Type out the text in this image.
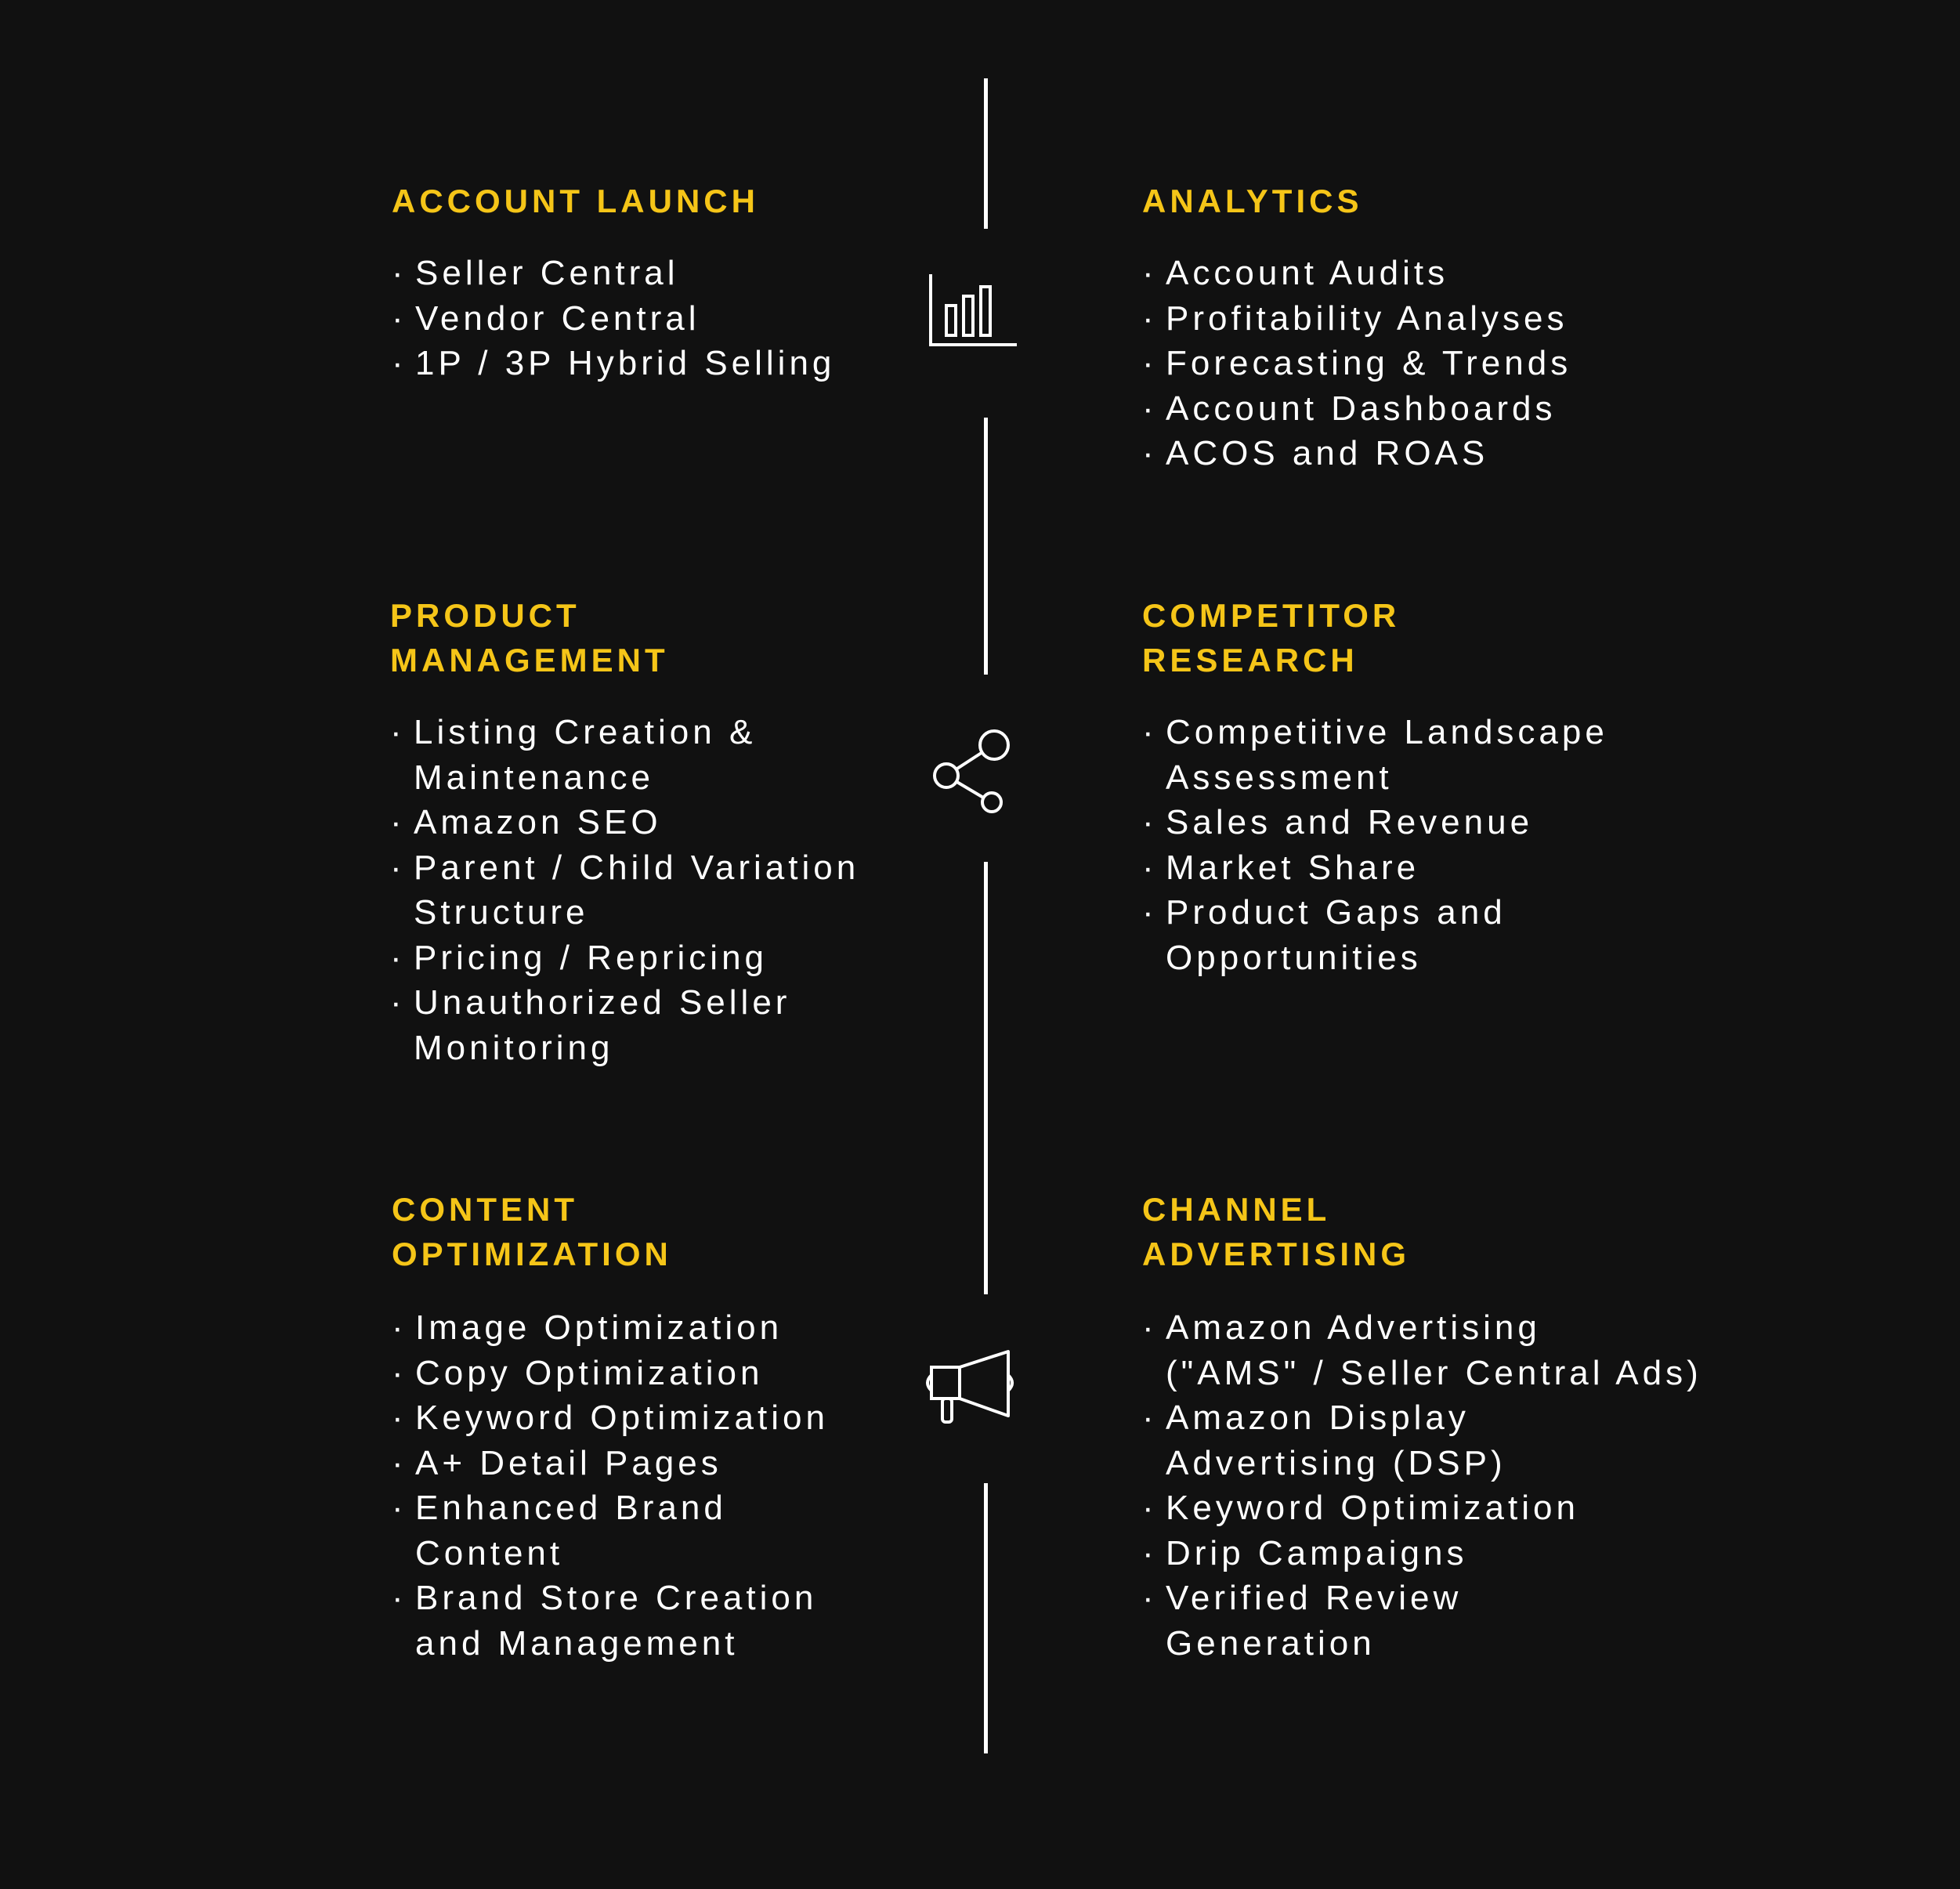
ACCOUNT LAUNCH
· Seller Central
· Vendor Central
· 1P / 3P Hybrid Selling
ANALYTICS
· Account Audits
· Profitability Analyses
· Forecasting & Trends
· Account Dashboards
· ACOS and ROAS
PRODUCT
MANAGEMENT
· Listing Creation &
Maintenance
· Amazon SEO
· Parent / Child Variation
Structure
· Pricing / Repricing
· Unauthorized Seller
Monitoring
COMPETITOR
RESEARCH
· Competitive Landscape
Assessment
· Sales and Revenue
· Market Share
· Product Gaps and
Opportunities
CONTENT
OPTIMIZATION
· Image Optimization
· Copy Optimization
· Keyword Optimization
· A+ Detail Pages
· Enhanced Brand
Content
· Brand Store Creation
and Management
CHANNEL
ADVERTISING
· Amazon Advertising
("AMS" / Seller Central Ads)
· Amazon Display
Advertising (DSP)
· Keyword Optimization
· Drip Campaigns
· Verified Review
Generation
